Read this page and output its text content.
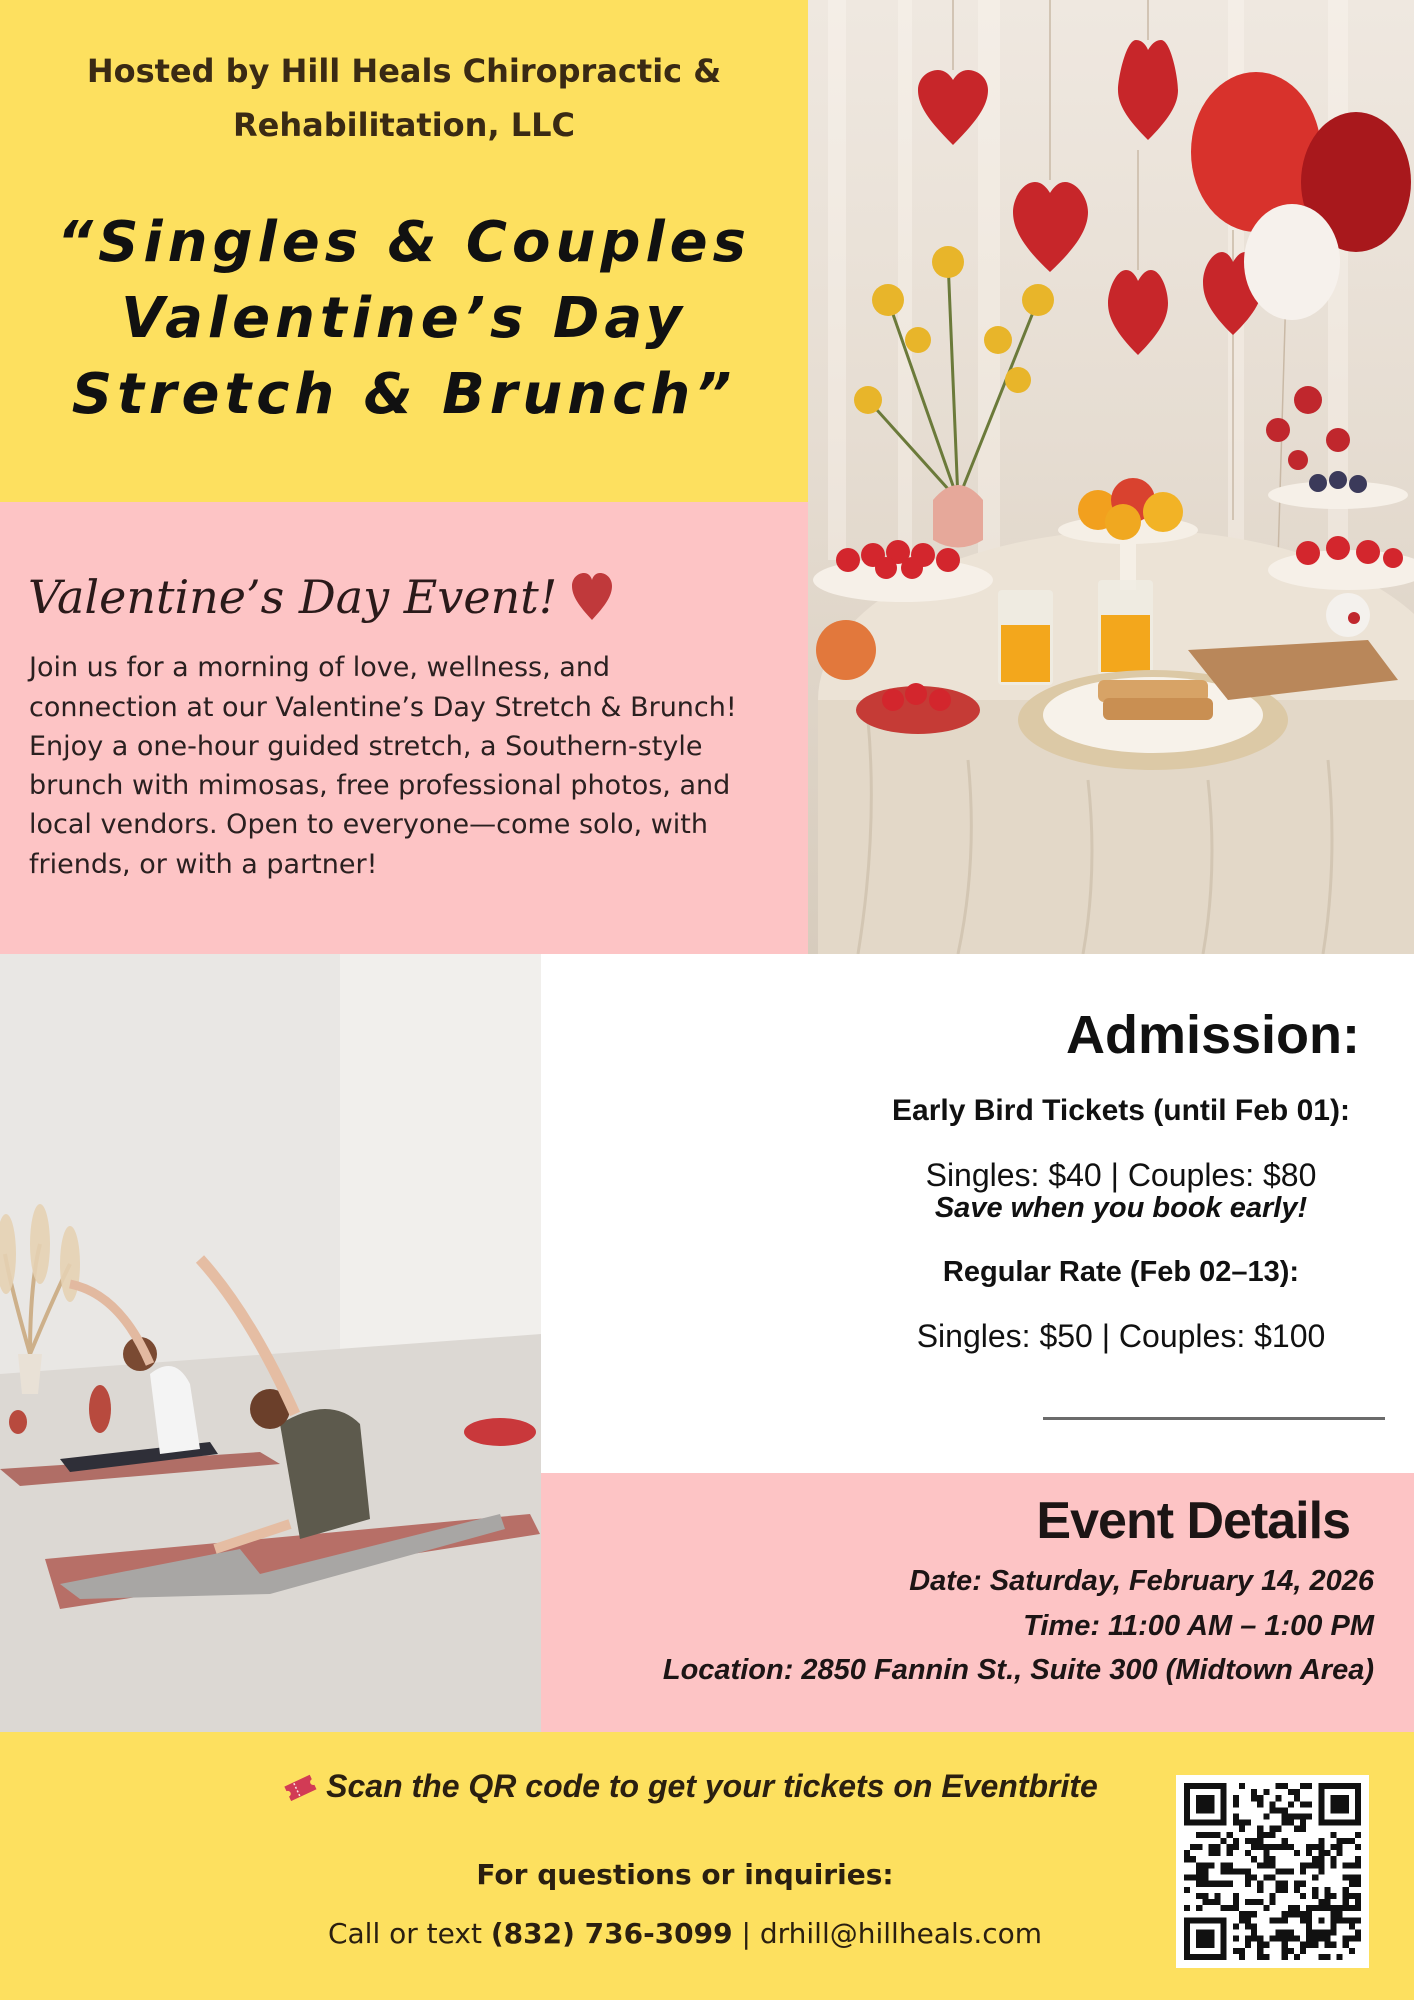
Hosted by Hill Heals Chiropractic &
Rehabilitation, LLC
“Singles & Couples
Valentine’s Day
Stretch & Brunch”
Valentine’s Day Event!
Join us for a morning of love, wellness, and
connection at our Valentine’s Day Stretch & Brunch!
Enjoy a one-hour guided stretch, a Southern-style
brunch with mimosas, free professional photos, and
local vendors. Open to everyone—come solo, with
friends, or with a partner!
Admission:
Early Bird Tickets (until Feb 01):
Singles: $40 | Couples: $80
Save when you book early!
Regular Rate (Feb 02–13):
Singles: $50 | Couples: $100
Event Details
Date: Saturday, February 14, 2026
Time: 11:00 AM – 1:00 PM
Location: 2850 Fannin St., Suite 300 (Midtown Area)
Scan the QR code to get your tickets on Eventbrite
For questions or inquiries:
Call or text (832) 736-3099 | drhill@hillheals.com
